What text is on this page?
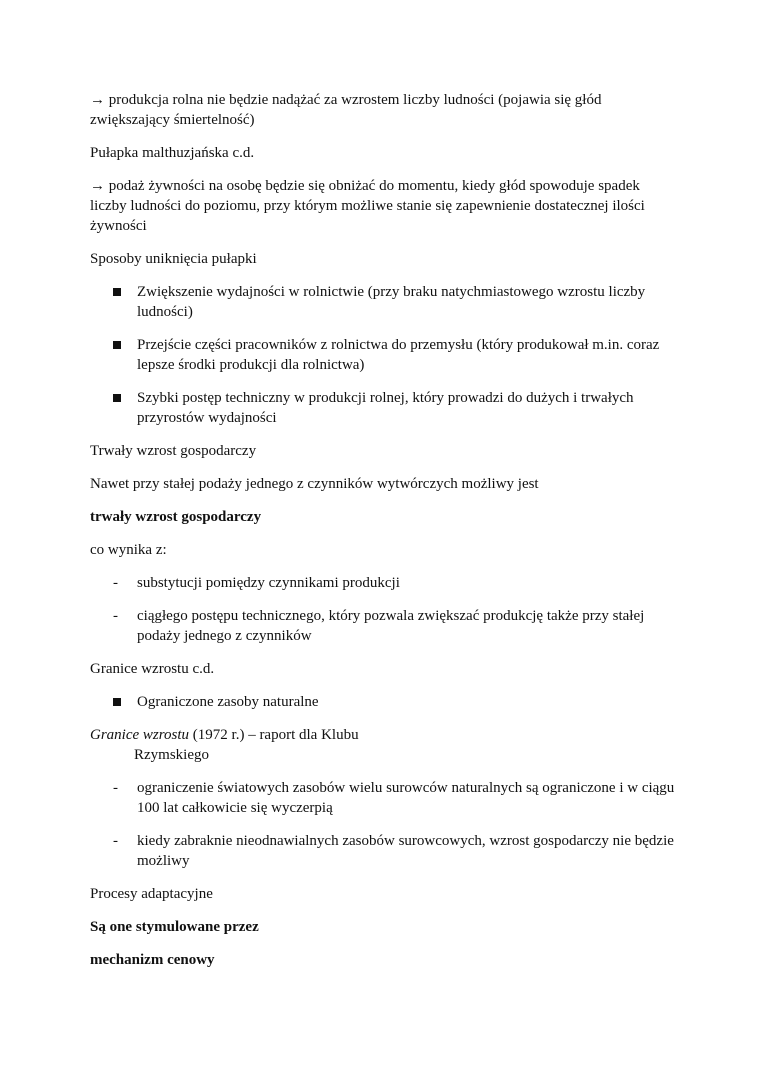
→ produkcja rolna nie będzie nadążać za wzrostem liczby ludności (pojawia się głód zwiększający śmiertelność)

Pułapka malthuzjańska c.d.

→ podaż żywności na osobę będzie się obniżać do momentu, kiedy głód spowoduje spadek liczby ludności do poziomu, przy którym możliwe stanie się zapewnienie dostatecznej ilości żywności

Sposoby uniknięcia pułapki

Zwiększenie wydajności w rolnictwie (przy braku natychmiastowego wzrostu liczby ludności)
Przejście części pracowników z rolnictwa do przemysłu (który produkował m.in. coraz lepsze środki produkcji dla rolnictwa)
Szybki postęp techniczny w produkcji rolnej, który prowadzi do dużych i trwałych przyrostów wydajności

Trwały wzrost gospodarczy

Nawet przy stałej podaży jednego z czynników wytwórczych możliwy jest

trwały wzrost gospodarczy

co wynika z:

- substytucji pomiędzy czynnikami produkcji
- ciągłego postępu technicznego, który pozwala zwiększać produkcję także przy stałej podaży jednego z czynników

Granice wzrostu c.d.

Ograniczone zasoby naturalne

Granice wzrostu (1972 r.) – raport dla Klubu

Rzymskiego

- ograniczenie światowych zasobów wielu surowców naturalnych są ograniczone i w ciągu 100 lat całkowicie się wyczerpią
- kiedy zabraknie nieodnawialnych zasobów surowcowych, wzrost gospodarczy nie będzie możliwy

Procesy adaptacyjne

Są one stymulowane przez

mechanizm cenowy
